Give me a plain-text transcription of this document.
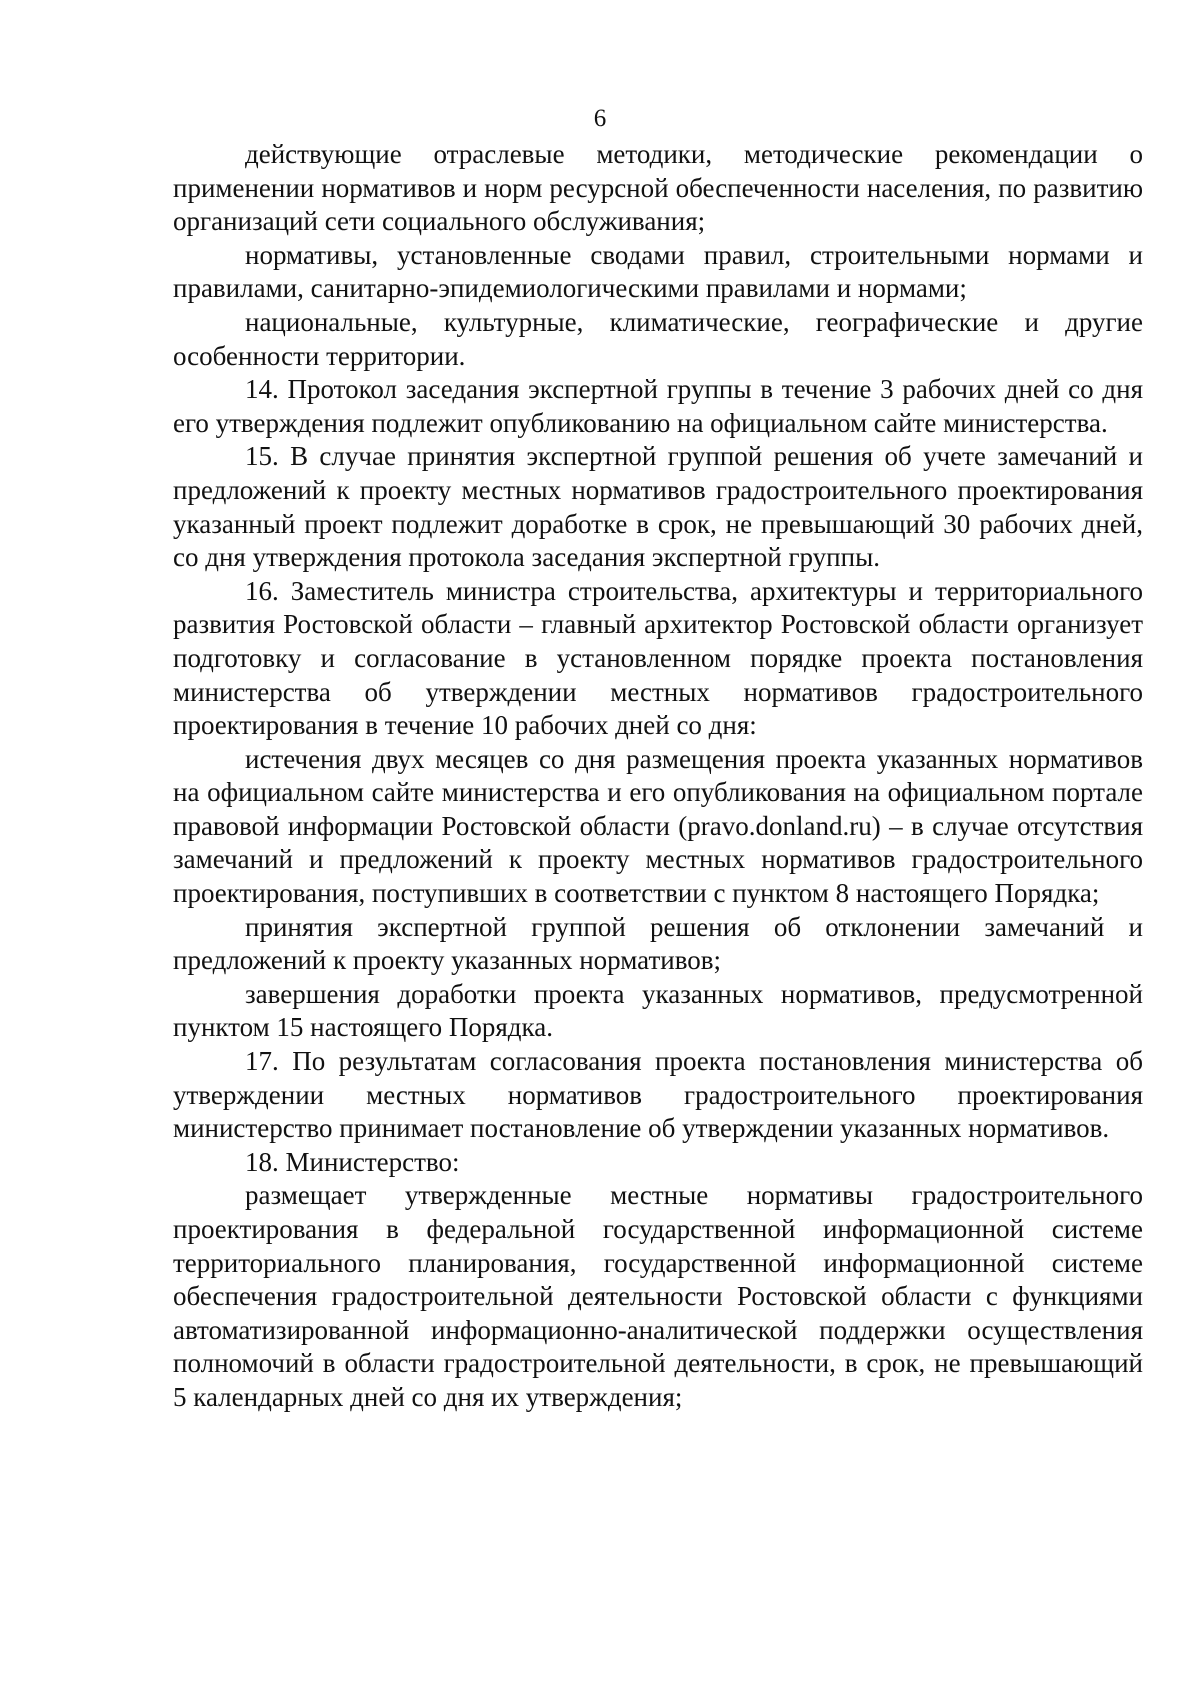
6

действующие отраслевые методики, методические рекомендации о применении нормативов и норм ресурсной обеспеченности населения, по развитию организаций сети социального обслуживания;

нормативы, установленные сводами правил, строительными нормами и правилами, санитарно-эпидемиологическими правилами и нормами;

национальные, культурные, климатические, географические и другие особенности территории.

14. Протокол заседания экспертной группы в течение 3 рабочих дней со дня его утверждения подлежит опубликованию на официальном сайте министерства.

15. В случае принятия экспертной группой решения об учете замечаний и предложений к проекту местных нормативов градостроительного проектирования указанный проект подлежит доработке в срок, не превышающий 30 рабочих дней, со дня утверждения протокола заседания экспертной группы.

16. Заместитель министра строительства, архитектуры и территориального развития Ростовской области – главный архитектор Ростовской области организует подготовку и согласование в установленном порядке проекта постановления министерства об утверждении местных нормативов градостроительного проектирования в течение 10 рабочих дней со дня:

истечения двух месяцев со дня размещения проекта указанных нормативов на официальном сайте министерства и его опубликования на официальном портале правовой информации Ростовской области (pravo.donland.ru) – в случае отсутствия замечаний и предложений к проекту местных нормативов градостроительного проектирования, поступивших в соответствии с пунктом 8 настоящего Порядка;

принятия экспертной группой решения об отклонении замечаний и предложений к проекту указанных нормативов;

завершения доработки проекта указанных нормативов, предусмотренной пунктом 15 настоящего Порядка.

17. По результатам согласования проекта постановления министерства об утверждении местных нормативов градостроительного проектирования министерство принимает постановление об утверждении указанных нормативов.

18. Министерство:

размещает утвержденные местные нормативы градостроительного проектирования в федеральной государственной информационной системе территориального планирования, государственной информационной системе обеспечения градостроительной деятельности Ростовской области с функциями автоматизированной информационно-аналитической поддержки осуществления полномочий в области градостроительной деятельности, в срок, не превышающий 5 календарных дней со дня их утверждения;
